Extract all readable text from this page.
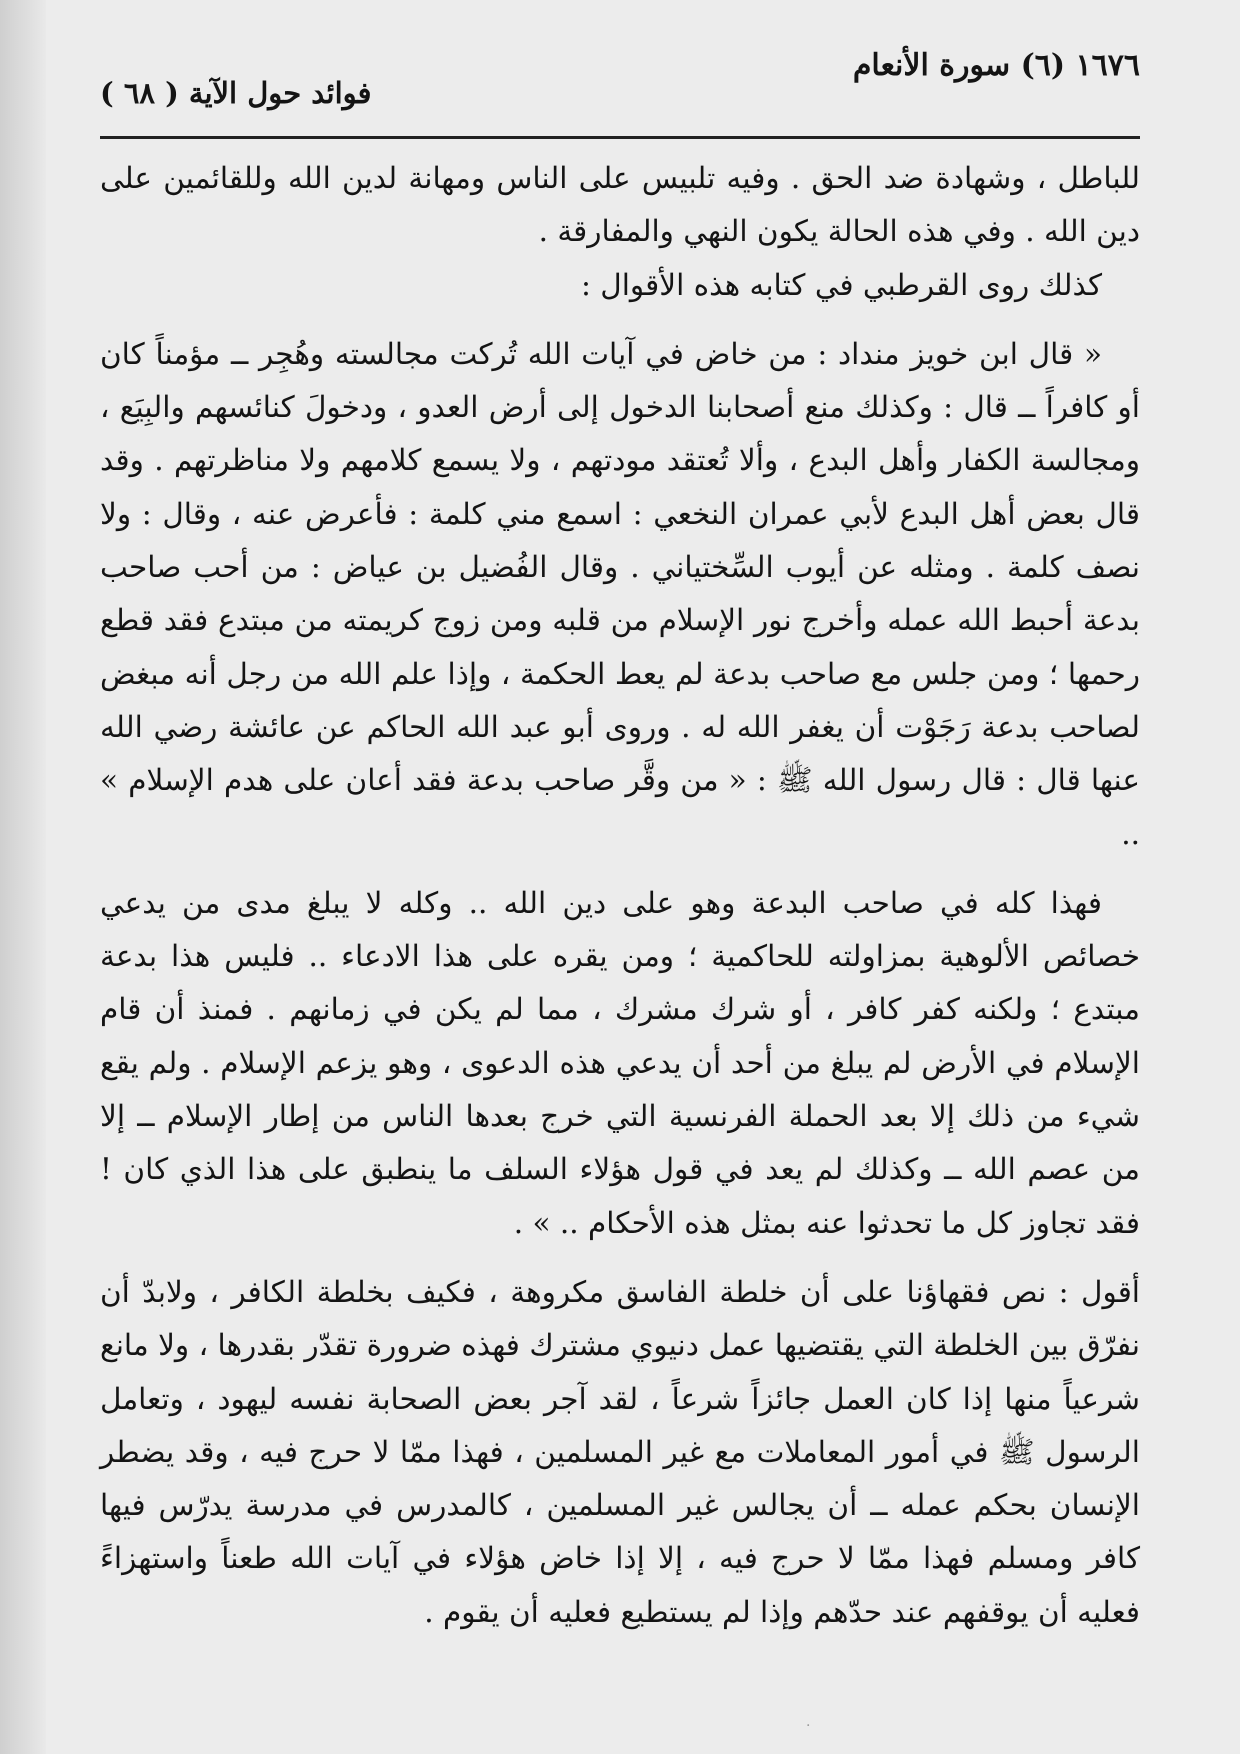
١٦٧٦ (٦) سورة الأنعام
فوائد حول الآية ( ٦٨ )

للباطل ، وشهادة ضد الحق . وفيه تلبيس على الناس ومهانة لدين الله وللقائمين على دين الله . وفي هذه الحالة يكون النهي والمفارقة .

كذلك روى القرطبي في كتابه هذه الأقوال :

« قال ابن خويز منداد : من خاض في آيات الله تُركت مجالسته وهُجِر ــ مؤمناً كان أو كافراً ــ قال : وكذلك منع أصحابنا الدخول إلى أرض العدو ، ودخولَ كنائسهم والبِيَع ، ومجالسة الكفار وأهل البدع ، وألا تُعتقد مودتهم ، ولا يسمع كلامهم ولا مناظرتهم . وقد قال بعض أهل البدع لأبي عمران النخعي : اسمع مني كلمة : فأعرض عنه ، وقال : ولا نصف كلمة . ومثله عن أيوب السِّختياني . وقال الفُضيل بن عياض : من أحب صاحب بدعة أحبط الله عمله وأخرج نور الإسلام من قلبه ومن زوج كريمته من مبتدع فقد قطع رحمها ؛ ومن جلس مع صاحب بدعة لم يعط الحكمة ، وإذا علم الله من رجل أنه مبغض لصاحب بدعة رَجَوْت أن يغفر الله له . وروى أبو عبد الله الحاكم عن عائشة رضي الله عنها قال : قال رسول الله ﷺ : « من وقَّر صاحب بدعة فقد أعان على هدم الإسلام » ..

فهذا كله في صاحب البدعة وهو على دين الله .. وكله لا يبلغ مدى من يدعي خصائص الألوهية بمزاولته للحاكمية ؛ ومن يقره على هذا الادعاء .. فليس هذا بدعة مبتدع ؛ ولكنه كفر كافر ، أو شرك مشرك ، مما لم يكن في زمانهم . فمنذ أن قام الإسلام في الأرض لم يبلغ من أحد أن يدعي هذه الدعوى ، وهو يزعم الإسلام . ولم يقع شيء من ذلك إلا بعد الحملة الفرنسية التي خرج بعدها الناس من إطار الإسلام ــ إلا من عصم الله ــ وكذلك لم يعد في قول هؤلاء السلف ما ينطبق على هذا الذي كان ! فقد تجاوز كل ما تحدثوا عنه بمثل هذه الأحكام .. » .

أقول : نص فقهاؤنا على أن خلطة الفاسق مكروهة ، فكيف بخلطة الكافر ، ولابدّ أن نفرّق بين الخلطة التي يقتضيها عمل دنيوي مشترك فهذه ضرورة تقدّر بقدرها ، ولا مانع شرعياً منها إذا كان العمل جائزاً شرعاً ، لقد آجر بعض الصحابة نفسه ليهود ، وتعامل الرسول ﷺ في أمور المعاملات مع غير المسلمين ، فهذا ممّا لا حرج فيه ، وقد يضطر الإنسان بحكم عمله ــ أن يجالس غير المسلمين ، كالمدرس في مدرسة يدرّس فيها كافر ومسلم فهذا ممّا لا حرج فيه ، إلا إذا خاض هؤلاء في آيات الله طعناً واستهزاءً فعليه أن يوقفهم عند حدّهم وإذا لم يستطيع فعليه أن يقوم .

·
